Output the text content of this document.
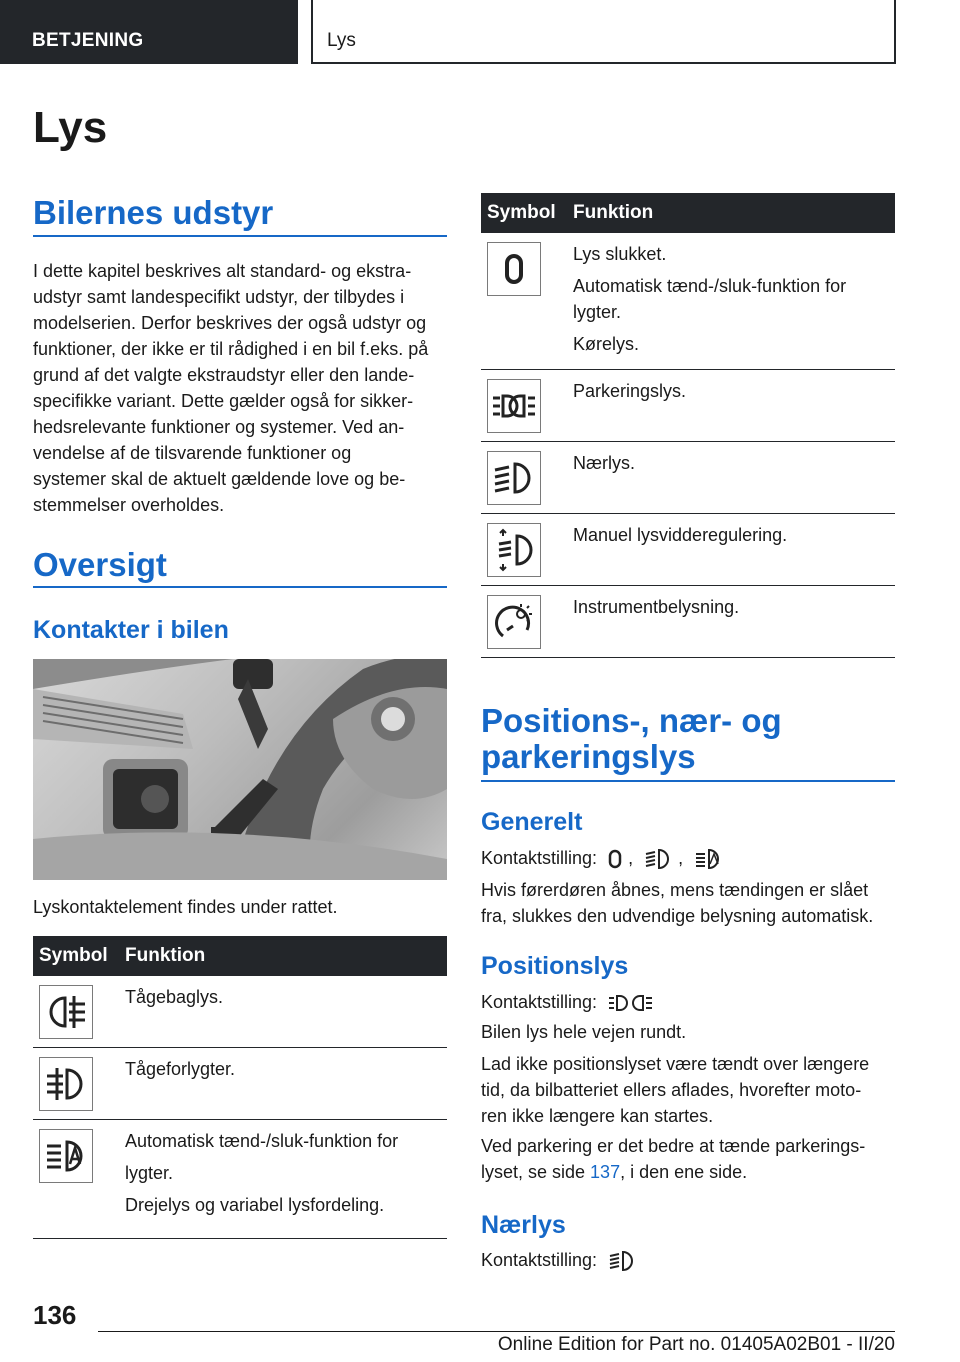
BETJENING	Lys
Lys
Bilernes udstyr
I dette kapitel beskrives alt standard- og ekstra-
udstyr samt landespecifikt udstyr, der tilbydes i
modelserien. Derfor beskrives der også udstyr og
funktioner, der ikke er til rådighed i en bil f.eks. på
grund af det valgte ekstraudstyr eller den lande-
specifikke variant. Dette gælder også for sikker-
hedsrelevante funktioner og systemer. Ved an-
vendelse af de tilsvarende funktioner og
systemer skal de aktuelt gældende love og be-
stemmelser overholdes.
Oversigt
Kontakter i bilen
Lyskontaktelement findes under rattet.
Symbol	Funktion

Tågebaglys.

Tågeforlygter.

Automatisk tænd-/sluk-funktion for
lygter.
Drejelys og variabel lysfordeling.
Symbol	Funktion

Lys slukket.
Automatisk tænd-/sluk-funktion for lygter.
Kørelys.

Parkeringslys.

Nærlys.

Manuel lysvidderegulering.

Instrumentbelysning.
Positions-, nær- og parkeringslys
Generelt
Kontaktstilling: ,	,
Hvis førerdøren åbnes, mens tændingen er slået
fra, slukkes den udvendige belysning automatisk.
Positionslys
Kontaktstilling:
Bilen lys hele vejen rundt.
Lad ikke positionslyset være tændt over længere
tid, da bilbatteriet ellers aflades, hvorefter moto-
ren ikke længere kan startes.
Ved parkering er det bedre at tænde parkerings-
lyset, se side 137, i den ene side.
Nærlys
Kontaktstilling:
136
Online Edition for Part no. 01405A02B01 - II/20
